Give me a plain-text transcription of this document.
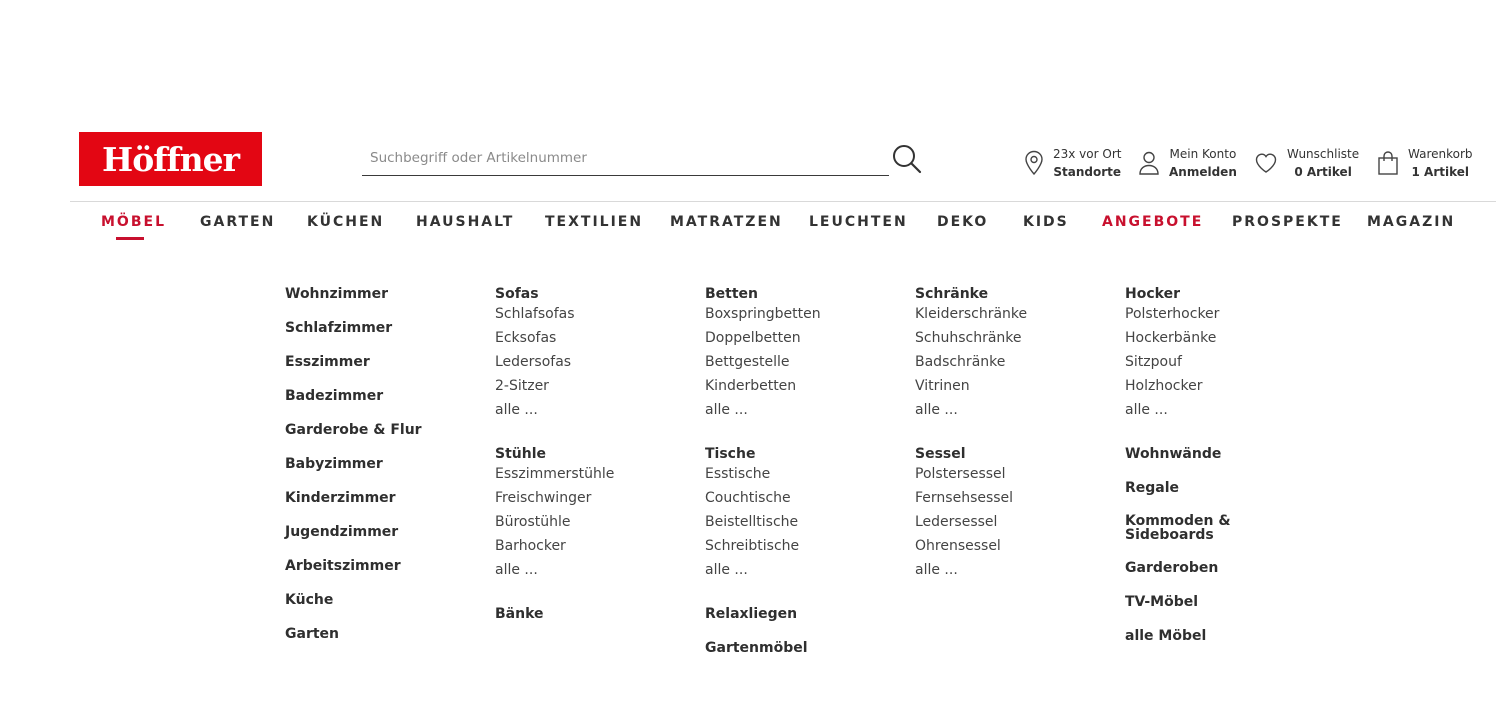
Höffner
Suchbegriff oder Artikelnummer	23x vor Ort
Standorte
Mein Konto
Anmelden
Wunschliste
0 Artikel
Warenkorb
1 Artikel
MÖBEL GARTEN KÜCHEN HAUSHALT TEXTILIEN MATRATZEN LEUCHTEN DEKO KIDS ANGEBOTE PROSPEKTE MAGAZIN
Wohnzimmer
Schlafzimmer
Esszimmer
Badezimmer
Garderobe & Flur
Babyzimmer
Kinderzimmer
Jugendzimmer
Arbeitszimmer
Küche
Garten
Sofas
Schlafsofas
Ecksofas
Ledersofas
2-Sitzer
alle ...
Stühle
Esszimmerstühle
Freischwinger
Bürostühle
Barhocker
alle ...
Bänke
Betten
Boxspringbetten
Doppelbetten
Bettgestelle
Kinderbetten
alle ...
Tische
Esstische
Couchtische
Beistelltische
Schreibtische
alle ...
Relaxliegen
Gartenmöbel
Schränke
Kleiderschränke
Schuhschränke
Badschränke
Vitrinen
alle ...
Sessel
Polstersessel
Fernsehsessel
Ledersessel
Ohrensessel
alle ...
Hocker
Polsterhocker
Hockerbänke
Sitzpouf
Holzhocker
alle ...
Wohnwände
Regale
Kommoden & Sideboards
Garderoben
TV-Möbel
alle Möbel
